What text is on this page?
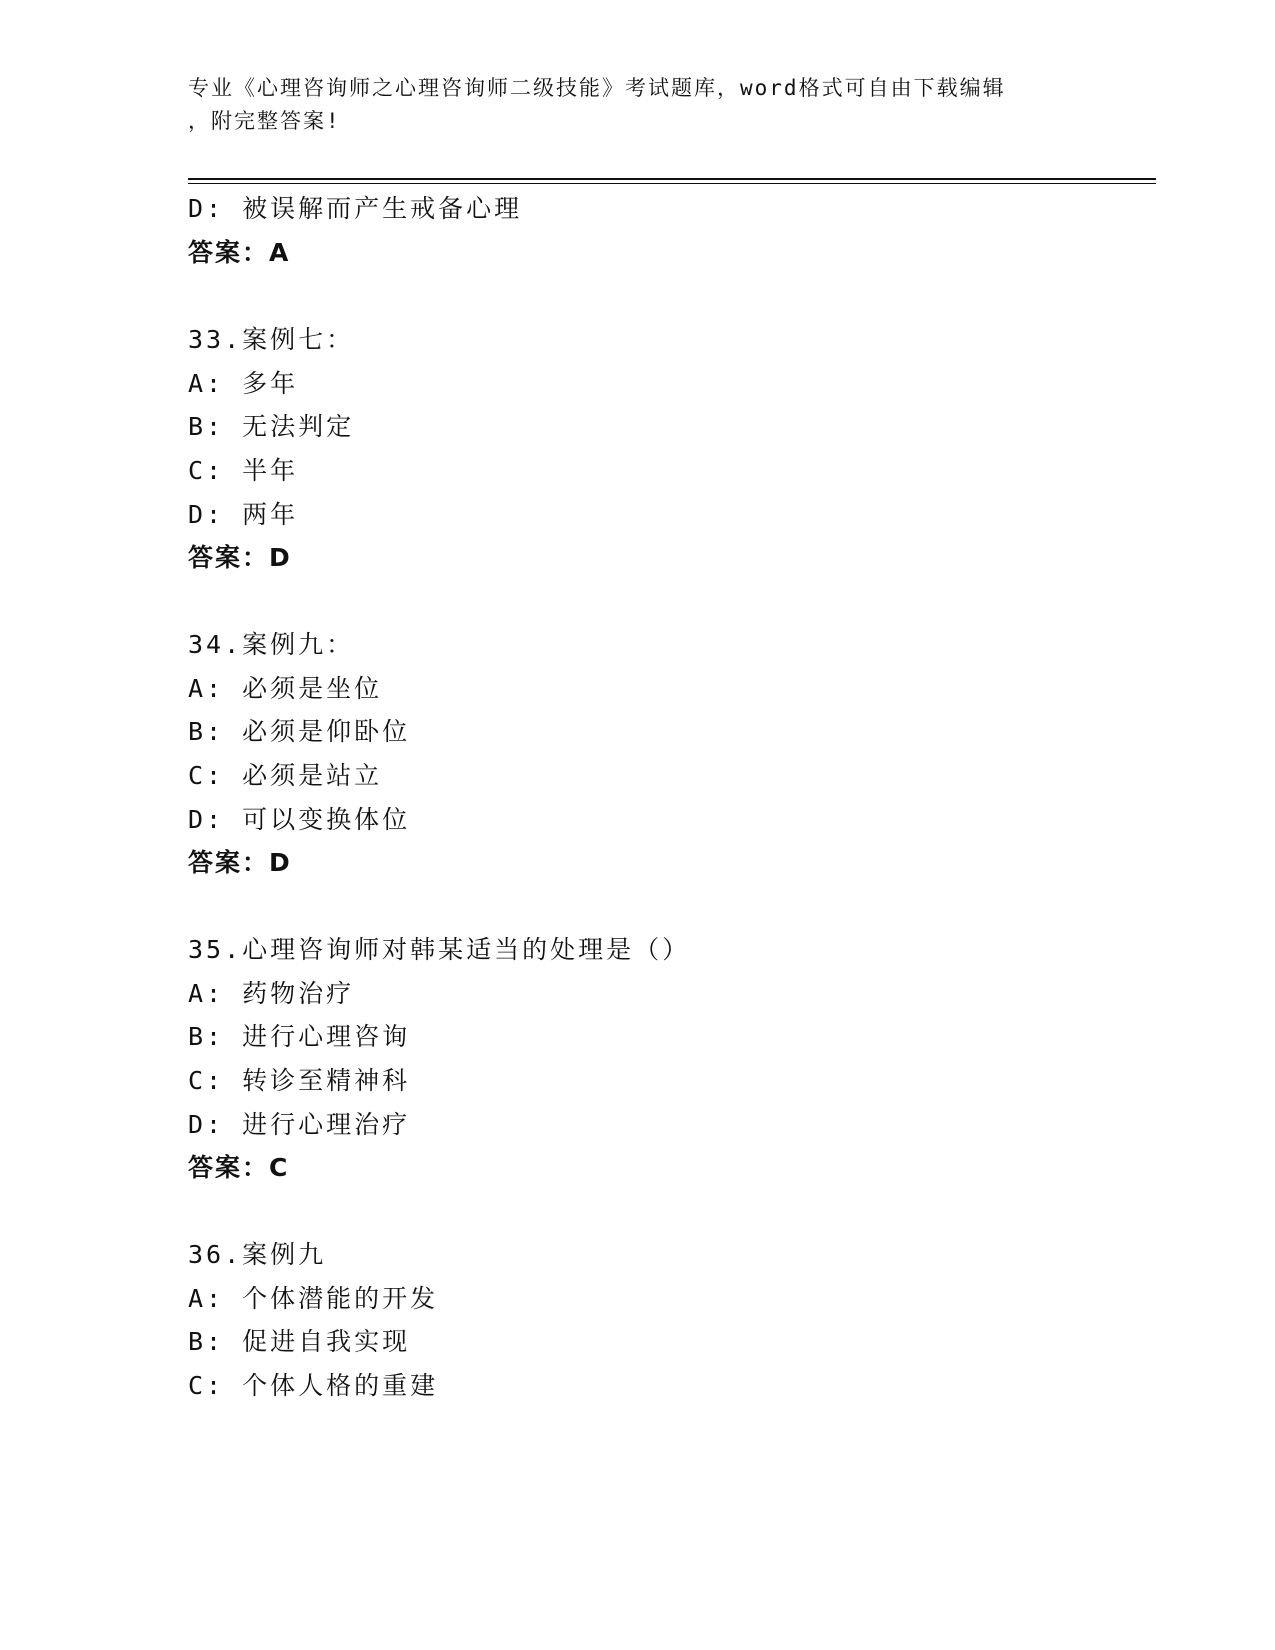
专业《心理咨询师之心理咨询师二级技能》考试题库，word格式可自由下载编辑
，附完整答案!
D: 被误解而产生戒备心理
答案：A
33.案例七：
A: 多年
B: 无法判定
C: 半年
D: 两年
答案：D
34.案例九：
A: 必须是坐位
B: 必须是仰卧位
C: 必须是站立
D: 可以变换体位
答案：D
35.心理咨询师对韩某适当的处理是（）
A: 药物治疗
B: 进行心理咨询
C: 转诊至精神科
D: 进行心理治疗
答案：C
36.案例九
A: 个体潜能的开发
B: 促进自我实现
C: 个体人格的重建
